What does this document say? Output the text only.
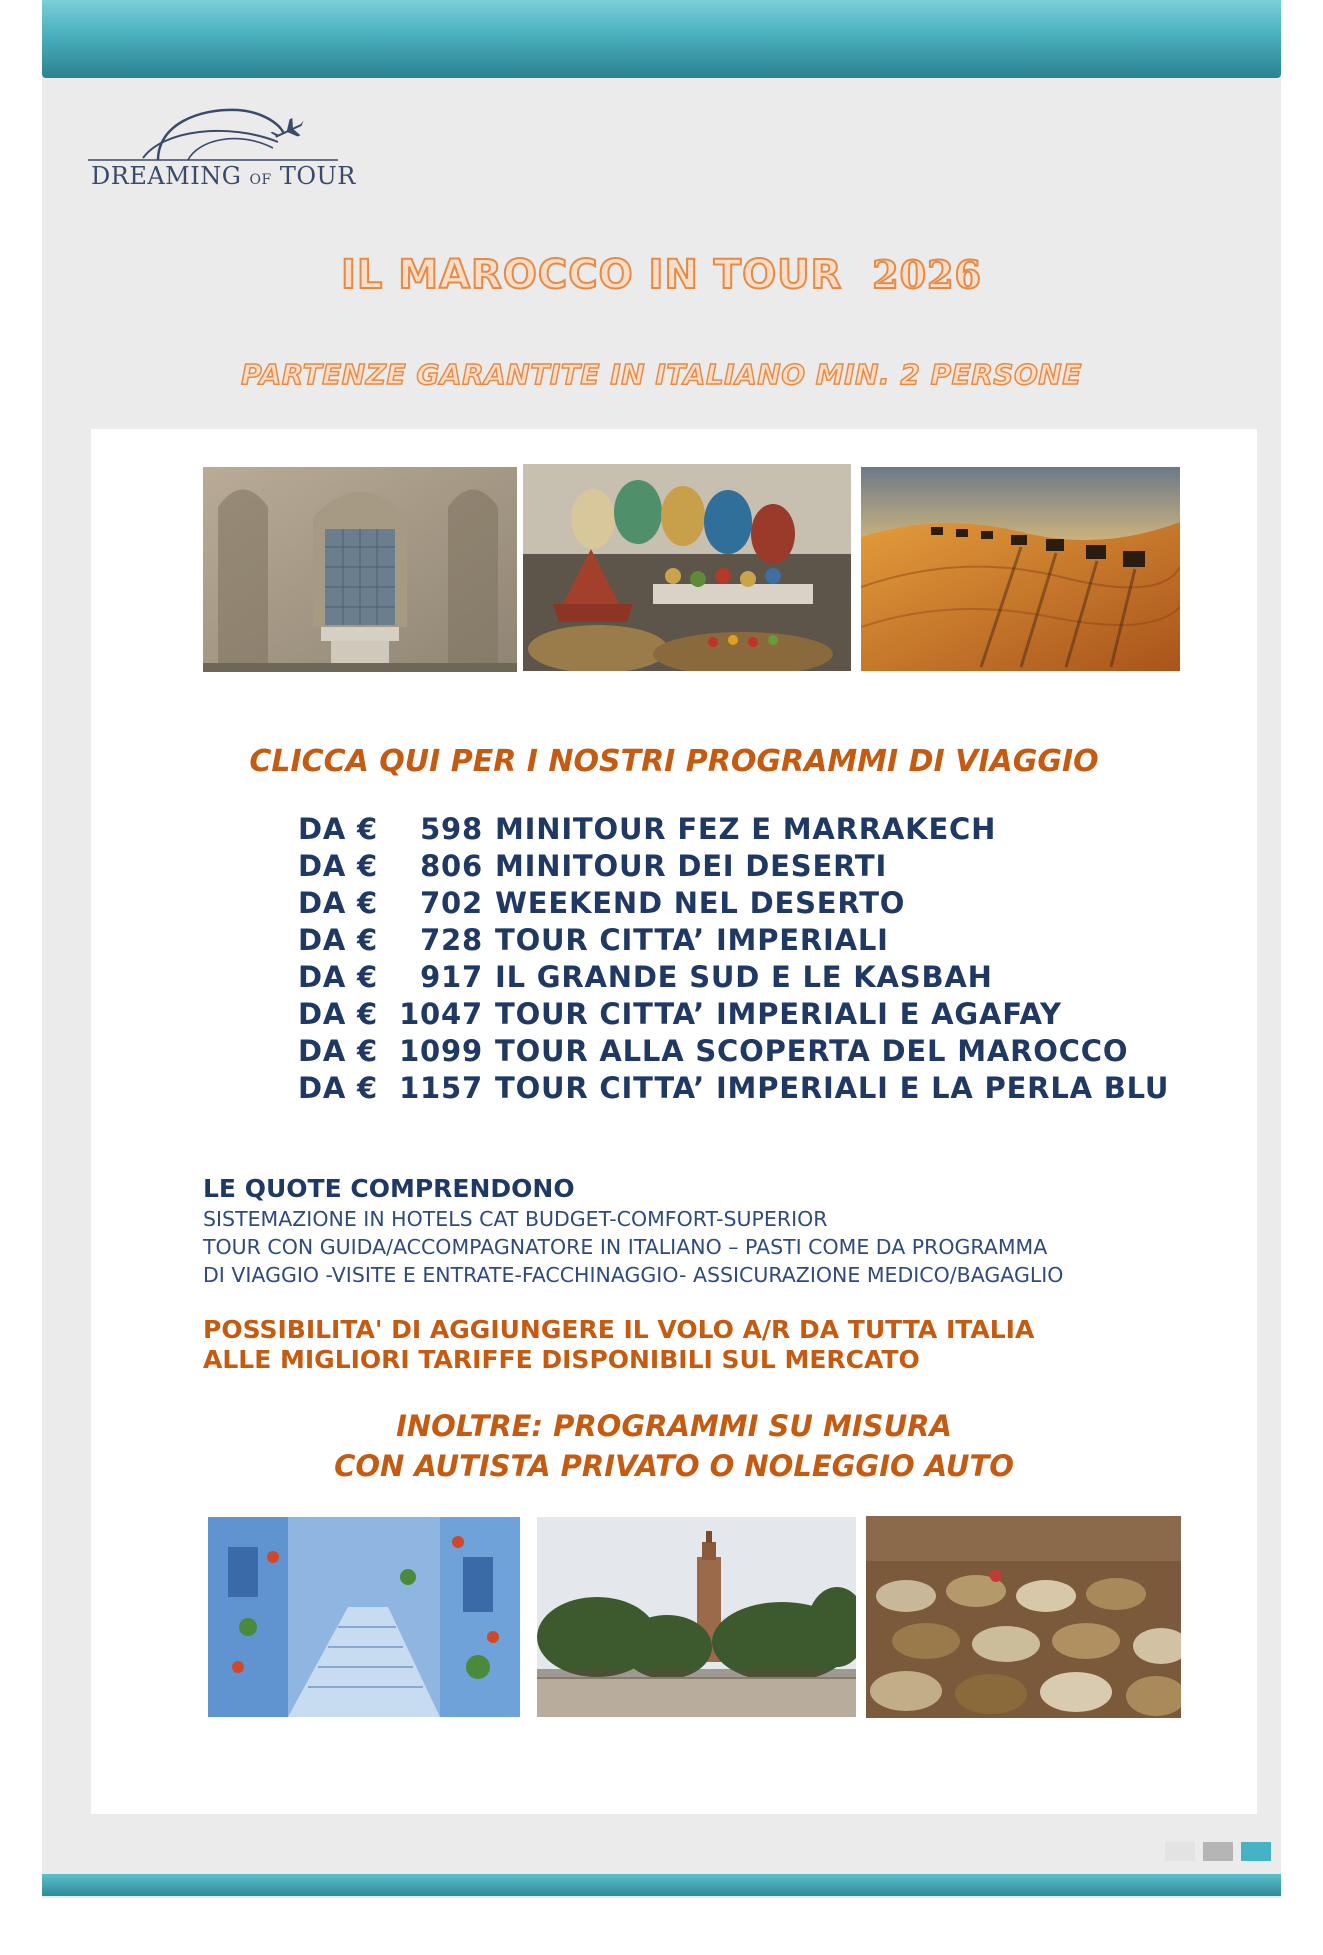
DREAMING OF TOUR
IL MAROCCO IN TOUR 2026
PARTENZE GARANTITE IN ITALIANO MIN. 2 PERSONE
CLICCA QUI PER I NOSTRI PROGRAMMI DI VIAGGIO
DA € 598 MINITOUR FEZ E MARRAKECH
DA € 806 MINITOUR DEI DESERTI
DA € 702 WEEKEND NEL DESERTO
DA € 728 TOUR CITTA’ IMPERIALI
DA € 917 IL GRANDE SUD E LE KASBAH
DA € 1047 TOUR CITTA’ IMPERIALI E AGAFAY
DA € 1099 TOUR ALLA SCOPERTA DEL MAROCCO
DA € 1157 TOUR CITTA’ IMPERIALI E LA PERLA BLU
LE QUOTE COMPRENDONO
SISTEMAZIONE IN HOTELS CAT BUDGET-COMFORT-SUPERIOR
TOUR CON GUIDA/ACCOMPAGNATORE IN ITALIANO – PASTI COME DA PROGRAMMA
DI VIAGGIO -VISITE E ENTRATE-FACCHINAGGIO- ASSICURAZIONE MEDICO/BAGAGLIO
POSSIBILITA' DI AGGIUNGERE IL VOLO A/R DA TUTTA ITALIA
ALLE MIGLIORI TARIFFE DISPONIBILI SUL MERCATO
INOLTRE: PROGRAMMI SU MISURA
CON AUTISTA PRIVATO O NOLEGGIO AUTO
